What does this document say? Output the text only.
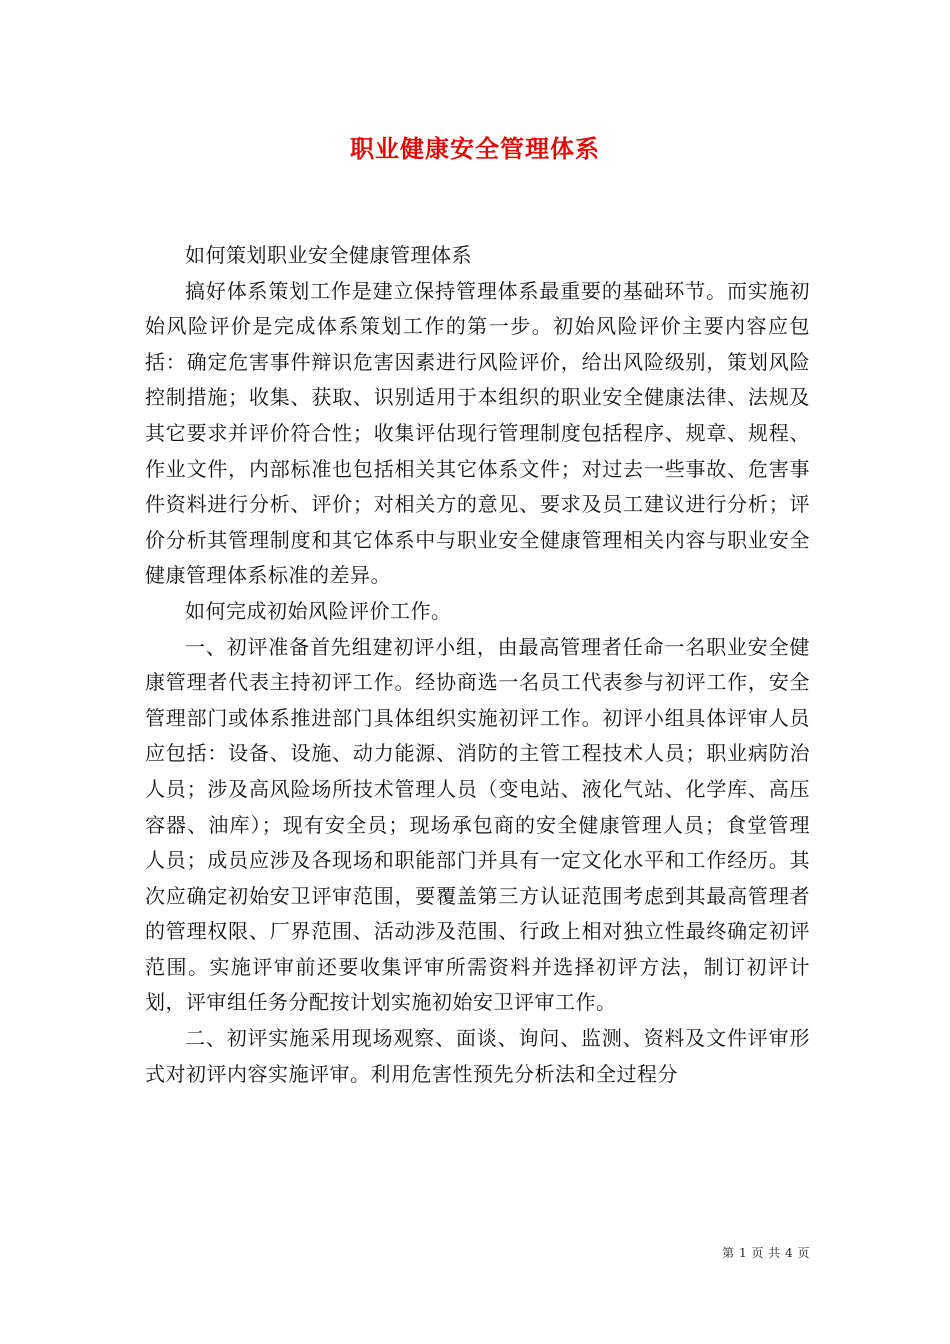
职业健康安全管理体系

如何策划职业安全健康管理体系

搞好体系策划工作是建立保持管理体系最重要的基础环节。而实施初始风险评价是完成体系策划工作的第一步。初始风险评价主要内容应包括：确定危害事件辩识危害因素进行风险评价，给出风险级别，策划风险控制措施；收集、获取、识别适用于本组织的职业安全健康法律、法规及其它要求并评价符合性；收集评估现行管理制度包括程序、规章、规程、作业文件，内部标准也包括相关其它体系文件；对过去一些事故、危害事件资料进行分析、评价；对相关方的意见、要求及员工建议进行分析；评价分析其管理制度和其它体系中与职业安全健康管理相关内容与职业安全健康管理体系标准的差异。

如何完成初始风险评价工作。

一、初评准备首先组建初评小组，由最高管理者任命一名职业安全健康管理者代表主持初评工作。经协商选一名员工代表参与初评工作，安全管理部门或体系推进部门具体组织实施初评工作。初评小组具体评审人员应包括：设备、设施、动力能源、消防的主管工程技术人员；职业病防治人员；涉及高风险场所技术管理人员（变电站、液化气站、化学库、高压容器、油库）；现有安全员；现场承包商的安全健康管理人员；食堂管理人员；成员应涉及各现场和职能部门并具有一定文化水平和工作经历。其次应确定初始安卫评审范围，要覆盖第三方认证范围考虑到其最高管理者的管理权限、厂界范围、活动涉及范围、行政上相对独立性最终确定初评范围。实施评审前还要收集评审所需资料并选择初评方法，制订初评计划，评审组任务分配按计划实施初始安卫评审工作。

二、初评实施采用现场观察、面谈、询问、监测、资料及文件评审形式对初评内容实施评审。利用危害性预先分析法和全过程分

第 1 页 共 4 页
